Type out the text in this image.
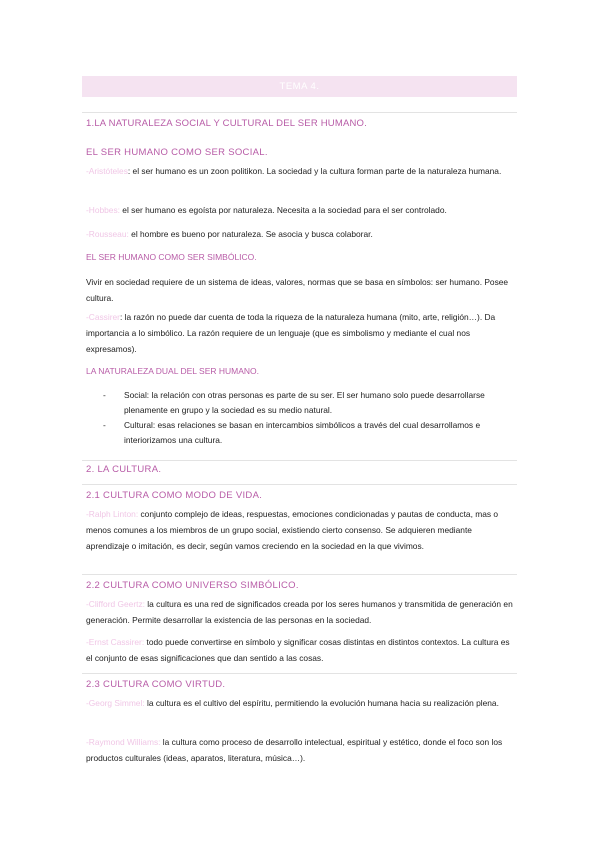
TEMA 4.
1.LA NATURALEZA SOCIAL Y CULTURAL DEL SER HUMANO.
EL SER HUMANO COMO SER SOCIAL.
-Aristóteles: el ser humano es un zoon politikon. La sociedad y la cultura forman parte de la naturaleza humana.
-Hobbes: el ser humano es egoísta por naturaleza. Necesita a la sociedad para el ser controlado.
-Rousseau: el hombre es bueno por naturaleza. Se asocia y busca colaborar.
EL SER HUMANO COMO SER SIMBÓLICO.
Vivir en sociedad requiere de un sistema de ideas, valores, normas que se basa en símbolos: ser humano. Posee cultura.
-Cassirer: la razón no puede dar cuenta de toda la riqueza de la naturaleza humana (mito, arte, religión…). Da importancia a lo simbólico. La razón requiere de un lenguaje (que es simbolismo y mediante el cual nos expresamos).
LA NATURALEZA DUAL DEL SER HUMANO.
- Social: la relación con otras personas es parte de su ser. El ser humano solo puede desarrollarse plenamente en grupo y la sociedad es su medio natural.
- Cultural: esas relaciones se basan en intercambios simbólicos a través del cual desarrollamos e interiorizamos una cultura.
2. LA CULTURA.
2.1 CULTURA COMO MODO DE VIDA.
-Ralph Linton: conjunto complejo de ideas, respuestas, emociones condicionadas y pautas de conducta, mas o menos comunes a los miembros de un grupo social, existiendo cierto consenso. Se adquieren mediante aprendizaje o imitación, es decir, según vamos creciendo en la sociedad en la que vivimos.
2.2 CULTURA COMO UNIVERSO SIMBÓLICO.
-Clifford Geertz: la cultura es una red de significados creada por los seres humanos y transmitida de generación en generación. Permite desarrollar la existencia de las personas en la sociedad.
-Ernst Cassirer: todo puede convertirse en símbolo y significar cosas distintas en distintos contextos. La cultura es el conjunto de esas significaciones que dan sentido a las cosas.
2.3 CULTURA COMO VIRTUD.
-Georg Simmel: la cultura es el cultivo del espíritu, permitiendo la evolución humana hacia su realización plena.
-Raymond Williams: la cultura como proceso de desarrollo intelectual, espiritual y estético, donde el foco son los productos culturales (ideas, aparatos, literatura, música…).
